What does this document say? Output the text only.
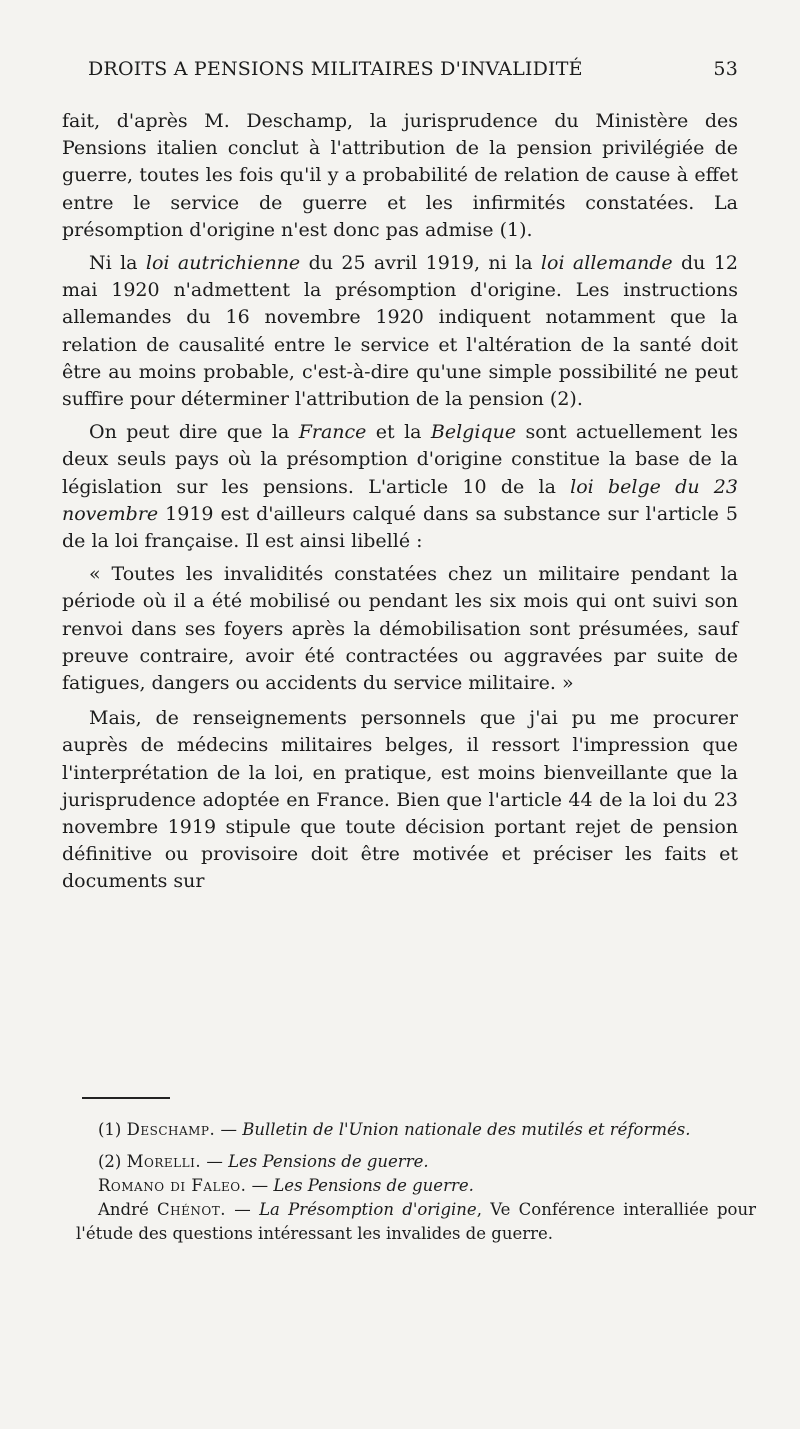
DROITS A PENSIONS MILITAIRES D'INVALIDITÉ	53

fait, d'après M. Deschamp, la jurisprudence du Ministère des Pensions italien conclut à l'attribution de la pension privilégiée de guerre, toutes les fois qu'il y a probabilité de relation de cause à effet entre le service de guerre et les infirmités constatées. La présomption d'origine n'est donc pas admise (1).

Ni la loi autrichienne du 25 avril 1919, ni la loi allemande du 12 mai 1920 n'admettent la présomption d'origine. Les instructions allemandes du 16 novembre 1920 indiquent notamment que la relation de causalité entre le service et l'altération de la santé doit être au moins probable, c'est-à-dire qu'une simple possibilité ne peut suffire pour déterminer l'attribution de la pension (2).

On peut dire que la France et la Belgique sont actuellement les deux seuls pays où la présomption d'origine constitue la base de la législation sur les pensions. L'article 10 de la loi belge du 23 novembre 1919 est d'ailleurs calqué dans sa substance sur l'article 5 de la loi française. Il est ainsi libellé :

« Toutes les invalidités constatées chez un militaire pendant la période où il a été mobilisé ou pendant les six mois qui ont suivi son renvoi dans ses foyers après la démobilisation sont présumées, sauf preuve contraire, avoir été contractées ou aggravées par suite de fatigues, dangers ou accidents du service militaire. »

Mais, de renseignements personnels que j'ai pu me procurer auprès de médecins militaires belges, il ressort l'impression que l'interprétation de la loi, en pratique, est moins bienveillante que la jurisprudence adoptée en France. Bien que l'article 44 de la loi du 23 novembre 1919 stipule que toute décision portant rejet de pension définitive ou provisoire doit être motivée et préciser les faits et documents sur

(1) Deschamp. — Bulletin de l'Union nationale des mutilés et réformés.

(2) Morelli. — Les Pensions de guerre.

Romano di Faleo. — Les Pensions de guerre.

André Chénot. — La Présomption d'origine, Ve Conférence interalliée pour l'étude des questions intéressant les invalides de guerre.
